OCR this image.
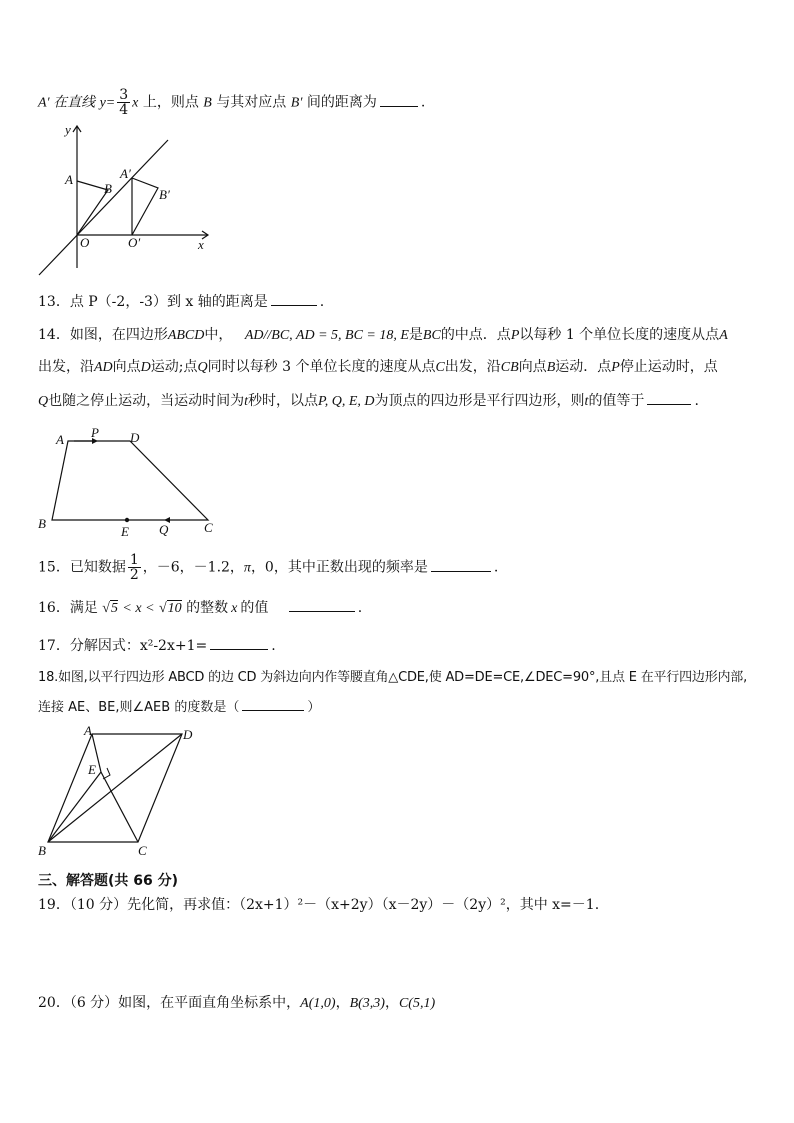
A′ 在直线 $y= \frac{3}{4}$ x 上，则点 B 与其对应点 B′ 间的距离为	.
y
x
A
B
A′
B′
O	O′
13．点 P（-2，-3）到 x 轴的距离是	.
14．如图，在四边形ABCD中， AD//BC, AD = 5, BC = 18, E是BC的中点．点P以每秒 1 个单位长度的速度从点A
出发，沿AD向点D运动;点Q同时以每秒 3 个单位长度的速度从点C出发，沿CB向点B运动．点P停止运动时，点
Q也随之停止运动，当运动时间为t秒时，以点P, Q, E, D为顶点的四边形是平行四边形，则t的值等于	.
A P D
B
E Q	C
15．已知数据 $\frac{1}{2}$ ，－6，－1.2，π，0，其中正数出现的频率是	.
16．满足 √5 < x < √10 的整数 x 的值	.
17．分解因式：x²-2x+1=	.
18.如图,以平行四边形 ABCD 的边 CD 为斜边向内作等腰直角△CDE,使 AD=DE=CE,∠DEC=90°,且点 E 在平行四边形内部,
连接 AE、BE,则∠AEB 的度数是（	）
A	D
E
B	C
三、解答题(共 66 分)
19．（10 分）先化简，再求值：（2x+1）²－（x+2y）（x－2y）－（2y）²，其中 x=－1.
20．（6 分）如图，在平面直角坐标系中，A(1,0)，B(3,3)，C(5,1)
